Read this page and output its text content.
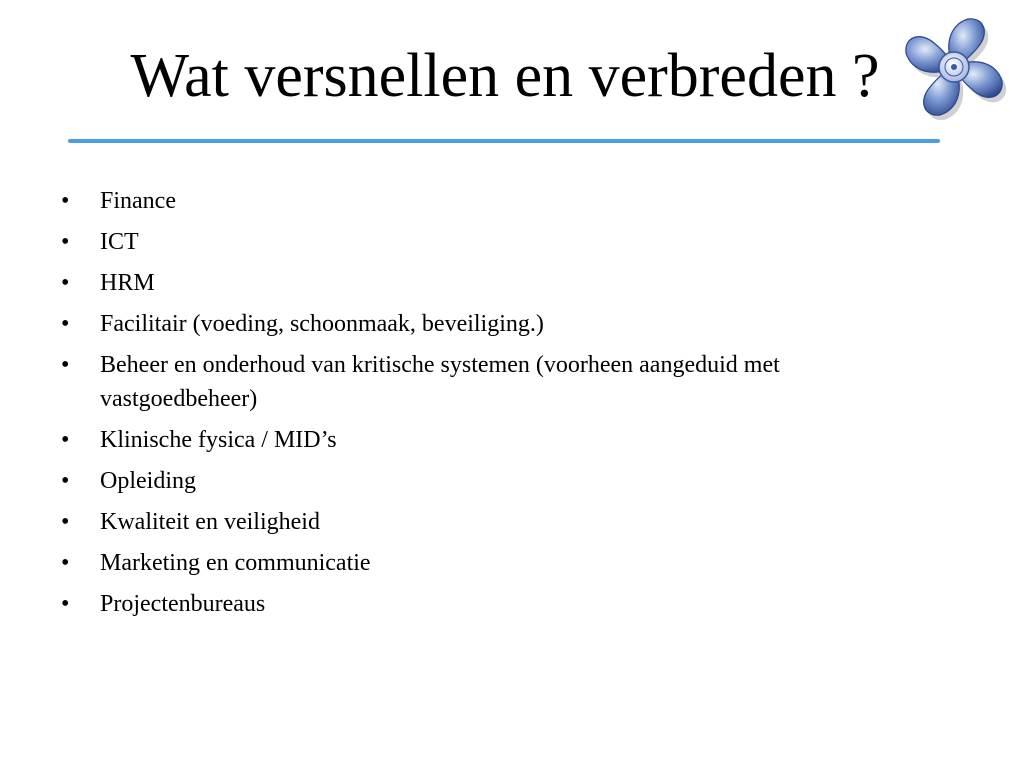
Wat versnellen en verbreden ?
• Finance
• ICT
• HRM
• Facilitair (voeding, schoonmaak, beveiliging.)
• Beheer en onderhoud van kritische systemen (voorheen aangeduid met vastgoedbeheer)
• Klinische fysica / MID’s
• Opleiding
• Kwaliteit en veiligheid
• Marketing en communicatie
• Projectenbureaus
